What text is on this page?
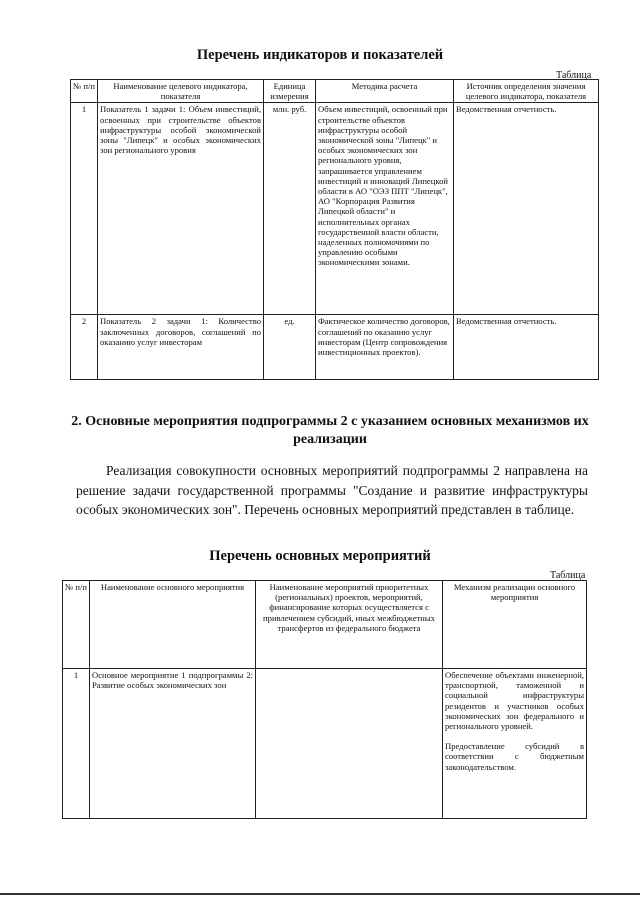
Перечень индикаторов и показателей
Таблица
№ п/п	Наименование целевого индикатора, показателя	Единица измерения	Методика расчета	Источник определения значения целевого индикатора, показателя
1	Показатель 1 задачи 1: Объем инвестиций, освоенных при строительстве объектов инфраструктуры особой экономической зоны "Липецк" и особых экономических зон регионального уровня	млн. руб.	Объем инвестиций, освоенный при строительстве объектов инфраструктуры особой экономической зоны "Липецк" и особых экономических зон регионального уровня, запрашивается управлением инвестиций и инноваций Липецкой области в АО "ОЭЗ ППТ "Липецк", АО "Корпорация Развития Липецкой области" и исполнительных органах государственной власти области, наделенных полномочиями по управлению особыми экономическими зонами.	Ведомственная отчетность.
2	Показатель 2 задачи 1: Количество заключенных договоров, соглашений по оказанию услуг инвесторам	ед.	Фактическое количество договоров, соглашений по оказанию услуг инвесторам (Центр сопровождения инвестиционных проектов).	Ведомственная отчетность.
2. Основные мероприятия подпрограммы 2 с указанием основных механизмов их реализации
Реализация совокупности основных мероприятий подпрограммы 2 направлена на решение задачи государственной программы "Создание и развитие инфраструктуры особых экономических зон". Перечень основных мероприятий представлен в таблице.
Перечень основных мероприятий
Таблица
№ п/п	Наименование основного мероприятия	Наименование мероприятий приоритетных (региональных) проектов, мероприятий, финансирование которых осуществляется с привлечением субсидий, иных межбюджетных трансфертов из федерального бюджета	Механизм реализации основного мероприятия
1	Основное мероприятие 1 подпрограммы 2: Развитие особых экономических зон		Обеспечение объектами инженерной, транспортной, таможенной и социальной инфраструктуры резидентов и участников особых экономических зон федерального и регионального уровней.
Предоставление субсидий в соответствии с бюджетным законодательством.
